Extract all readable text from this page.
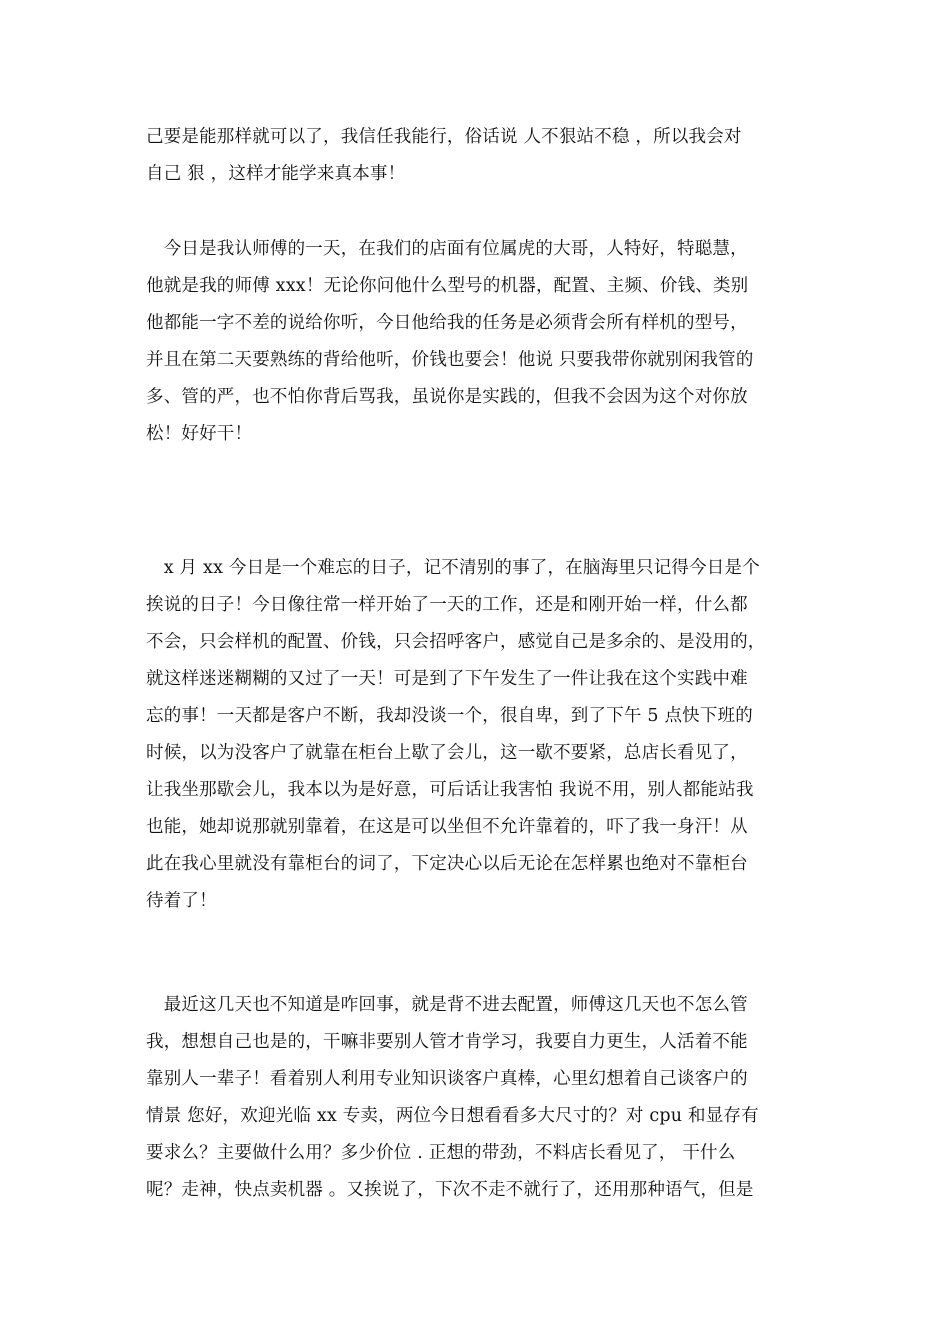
己要是能那样就可以了，我信任我能行，俗话说 人不狠站不稳 ，所以我会对
自己 狠 ，这样才能学来真本事！
　今日是我认师傅的一天，在我们的店面有位属虎的大哥，人特好，特聪慧，
他就是我的师傅 xxx！无论你问他什么型号的机器，配置、主频、价钱、类别
他都能一字不差的说给你听，今日他给我的任务是必须背会所有样机的型号，
并且在第二天要熟练的背给他听，价钱也要会！他说 只要我带你就别闲我管的
多、管的严，也不怕你背后骂我，虽说你是实践的，但我不会因为这个对你放
松！好好干！
　x 月 xx 今日是一个难忘的日子，记不清别的事了，在脑海里只记得今日是个
挨说的日子！今日像往常一样开始了一天的工作，还是和刚开始一样，什么都
不会，只会样机的配置、价钱，只会招呼客户，感觉自己是多余的、是没用的，
就这样迷迷糊糊的又过了一天！可是到了下午发生了一件让我在这个实践中难
忘的事！一天都是客户不断，我却没谈一个，很自卑，到了下午 5 点快下班的
时候，以为没客户了就靠在柜台上歇了会儿，这一歇不要紧，总店长看见了，
让我坐那歇会儿，我本以为是好意，可后话让我害怕 我说不用，别人都能站我
也能，她却说那就别靠着，在这是可以坐但不允许靠着的，吓了我一身汗！从
此在我心里就没有靠柜台的词了，下定决心以后无论在怎样累也绝对不靠柜台
待着了！
　最近这几天也不知道是咋回事，就是背不进去配置，师傅这几天也不怎么管
我，想想自己也是的，干嘛非要别人管才肯学习，我要自力更生，人活着不能
靠别人一辈子！看着别人利用专业知识谈客户真棒，心里幻想着自己谈客户的
情景 您好，欢迎光临 xx 专卖，两位今日想看看多大尺寸的？对 cpu 和显存有
要求么？主要做什么用？多少价位 . 正想的带劲，不料店长看见了， 干什么
呢？走神，快点卖机器 。又挨说了，下次不走不就行了，还用那种语气，但是
